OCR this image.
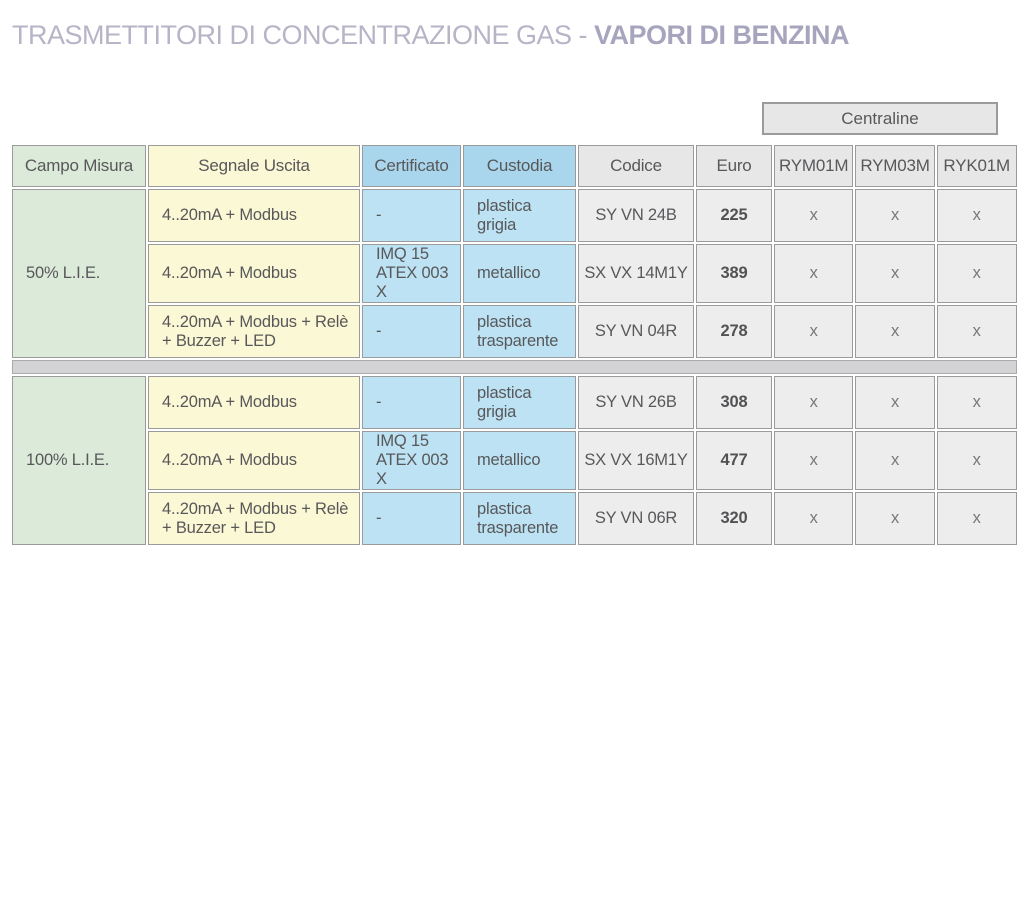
TRASMETTITORI DI CONCENTRAZIONE GAS - VAPORI DI BENZINA
Centraline
Campo Misura	Segnale Uscita	Certificato	Custodia	Codice	Euro	RYM01M	RYM03M	RYK01M
50% L.I.E.	4..20mA + Modbus	-	plastica grigia	SY VN 24B	225	x	x	x
	4..20mA + Modbus	IMQ 15 ATEX 003 X	metallico	SX VX 14M1Y	389	x	x	x
	4..20mA + Modbus + Relè + Buzzer + LED	-	plastica trasparente	SY VN 04R	278	x	x	x

100% L.I.E.	4..20mA + Modbus	-	plastica grigia	SY VN 26B	308	x	x	x
	4..20mA + Modbus	IMQ 15 ATEX 003 X	metallico	SX VX 16M1Y	477	x	x	x
	4..20mA + Modbus + Relè + Buzzer + LED	-	plastica trasparente	SY VN 06R	320	x	x	x
